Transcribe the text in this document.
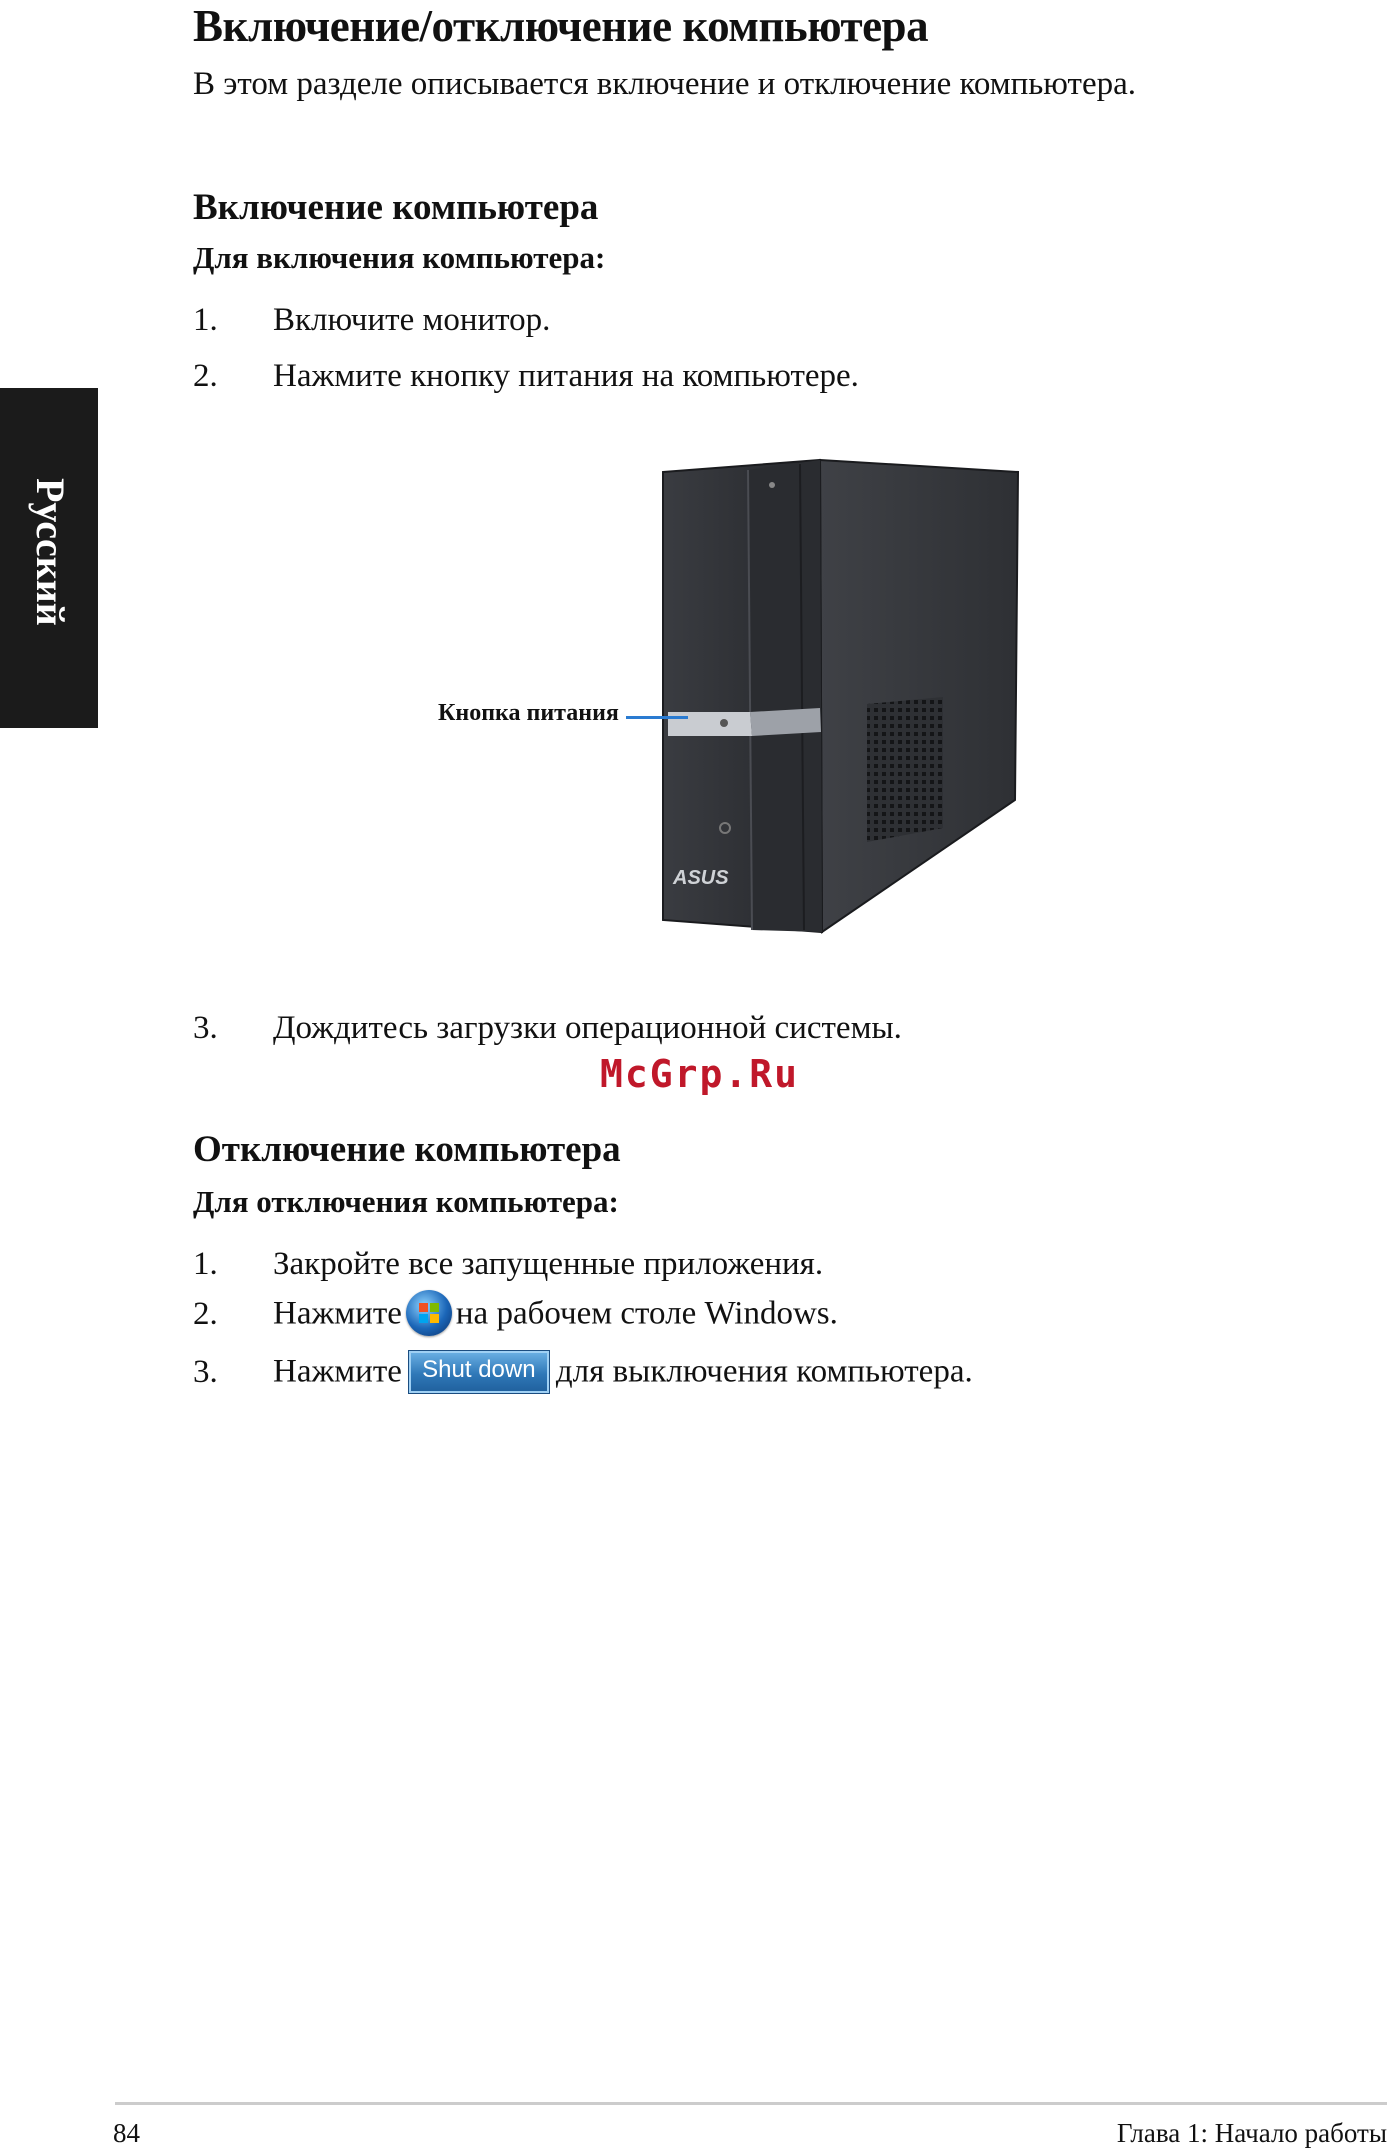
Включение/отключение компьютера
В этом разделе описывается включение и отключение компьютера.
Русский
Включение компьютера
Для включения компьютера:
1. Включите монитор.
2. Нажмите кнопку питания на компьютере.
ASUS
Кнопка питания
3. Дождитесь загрузки операционной системы.
McGrp.Ru
Отключение компьютера
Для отключения компьютера:
1. Закройте все запущенные приложения.
2. Нажмите на рабочем столе Windows.
3. Нажмите Shut down для выключения компьютера.
84	Глава 1: Начало работы
